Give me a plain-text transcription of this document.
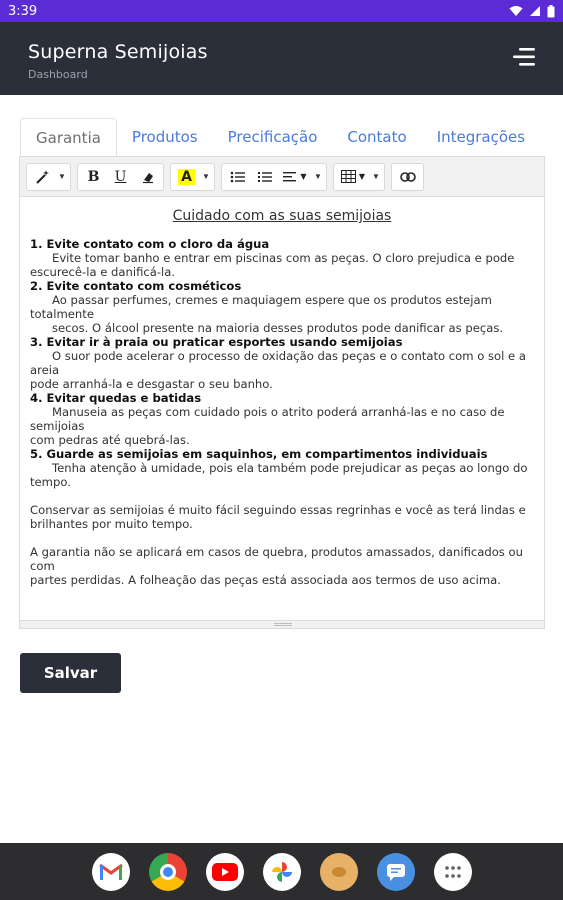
3:39
Superna Semijoias
Dashboard
Garantia	Produtos	Precificação	Contato	Integrações
▼	B	U	A	▼	▼ ▼	▼ ▼
Cuidado com as suas semijoias
1. Evite contato com o cloro da água
Evite tomar banho e entrar em piscinas com as peças. O cloro prejudica e pode
escurecê-la e danificá-la.
2. Evite contato com cosméticos
Ao passar perfumes, cremes e maquiagem espere que os produtos estejam totalmente
secos. O álcool presente na maioria desses produtos pode danificar as peças.
3. Evitar ir à praia ou praticar esportes usando semijoias
O suor pode acelerar o processo de oxidação das peças e o contato com o sol e a areia
pode arranhá-la e desgastar o seu banho.
4. Evitar quedas e batidas
Manuseia as peças com cuidado pois o atrito poderá arranhá-las e no caso de semijoias
com pedras até quebrá-las.
5. Guarde as semijoias em saquinhos, em compartimentos individuais
Tenha atenção à umidade, pois ela também pode prejudicar as peças ao longo do
tempo.
Conservar as semijoias é muito fácil seguindo essas regrinhas e você as terá lindas e
brilhantes por muito tempo.
A garantia não se aplicará em casos de quebra, produtos amassados, danificados ou com
partes perdidas. A folheação das peças está associada aos termos de uso acima.
Salvar
